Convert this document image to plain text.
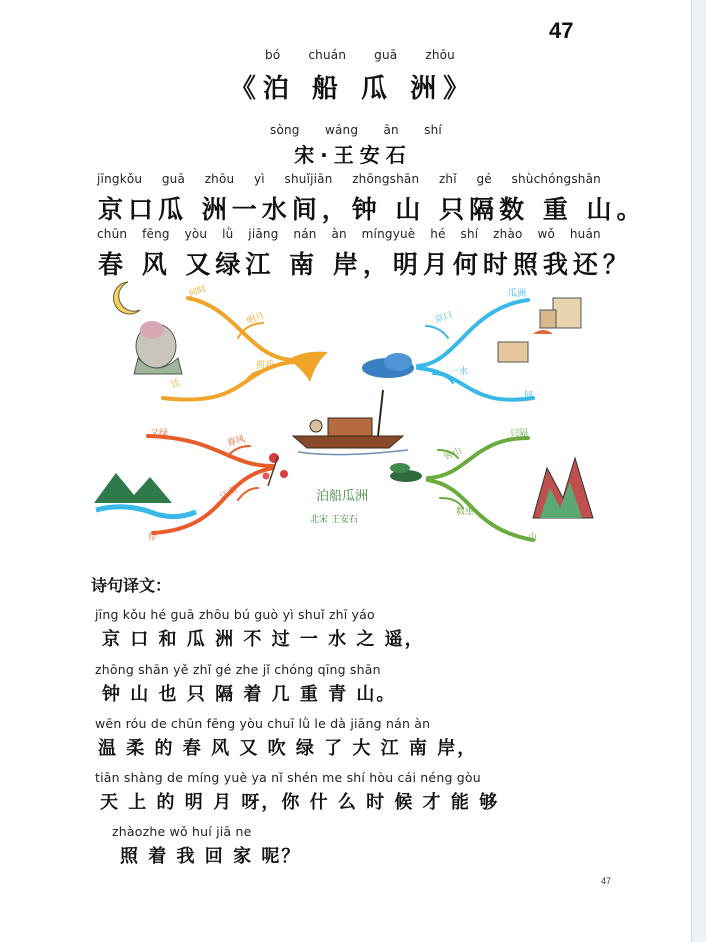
47
bó chuán guā zhōu
《泊 船 瓜 洲》
sòng wáng ān shí
宋·王安石
jīngkǒu guā zhōu yì shuǐjiān zhōngshān zhǐ gé shùchóngshān
京口瓜 洲一水间，钟 山 只隔数 重 山。
chūn fēng yòu lǜ jiāng nán àn míngyuè hé shí zhào wǒ huán
春 风 又绿江 南 岸，明月何时照我还？
何时
明月
照我
还
瓜洲
京口
一水
间
又绿
春风
江南
岸
只隔
钟山
数重
山
泊船瓜洲
北宋 王安石
诗句译文：
jīng kǒu hé guā zhōu bú guò yì shuǐ zhī yáo
京 口 和 瓜 洲 不 过 一 水 之 遥，
zhōng shān yě zhǐ gé zhe jǐ chóng qīng shān
钟 山 也 只 隔 着 几 重 青 山。
wēn róu de chūn fēng yòu chuī lǜ le dà jiāng nán àn
温 柔 的 春 风 又 吹 绿 了 大 江 南 岸，
tiān shàng de míng yuè ya nǐ shén me shí hòu cái néng gòu
天 上 的 明 月 呀，你 什 么 时 候 才 能 够
zhàozhe wǒ huí jiā ne
照 着 我 回 家 呢？
47
